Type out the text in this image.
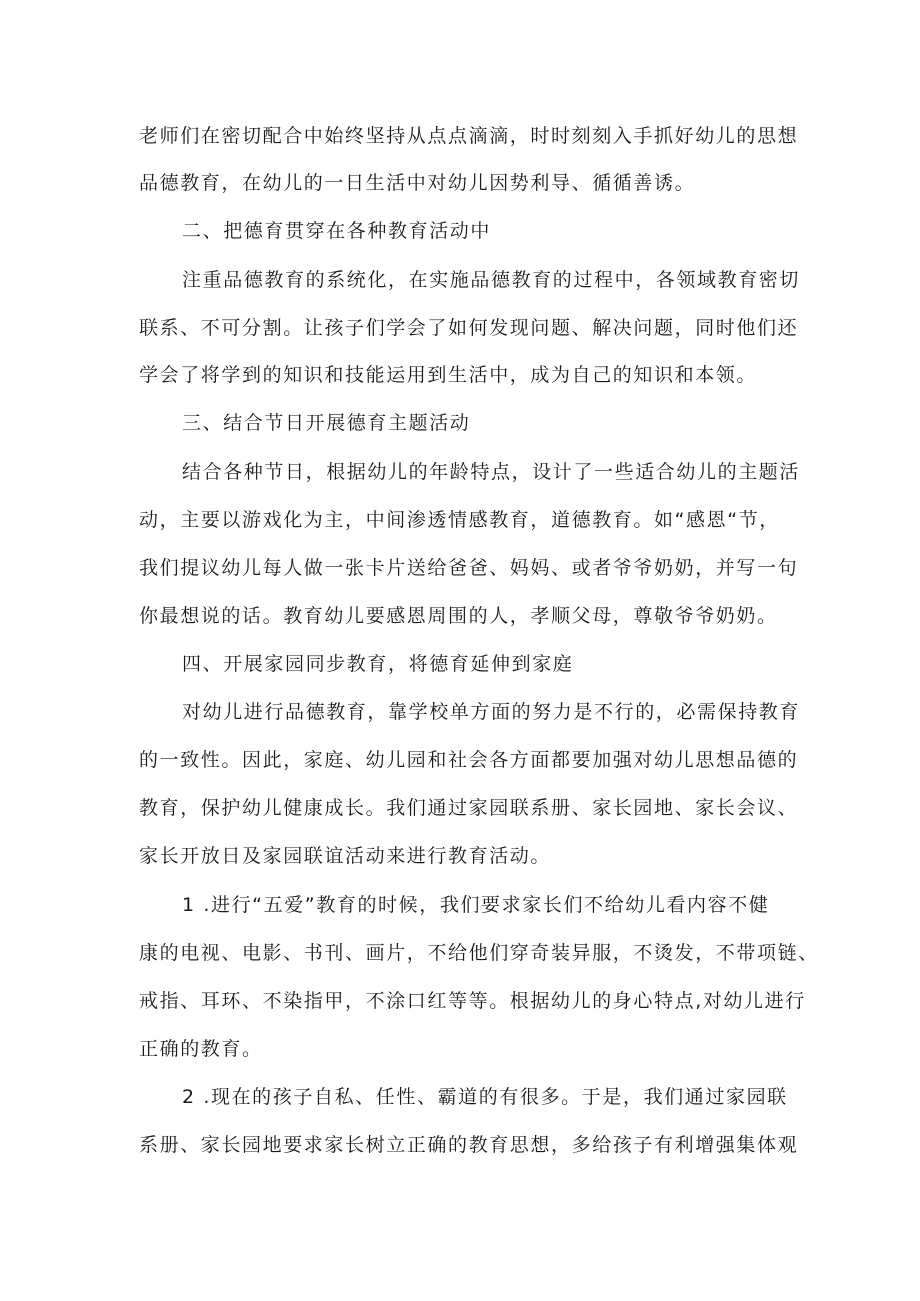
老师们在密切配合中始终坚持从点点滴滴，时时刻刻入手抓好幼儿的思想
品德教育，在幼儿的一日生活中对幼儿因势利导、循循善诱。
二、把德育贯穿在各种教育活动中
注重品德教育的系统化，在实施品德教育的过程中，各领域教育密切
联系、不可分割。让孩子们学会了如何发现问题、解决问题，同时他们还
学会了将学到的知识和技能运用到生活中，成为自己的知识和本领。
三、结合节日开展德育主题活动
结合各种节日，根据幼儿的年龄特点，设计了一些适合幼儿的主题活
动，主要以游戏化为主，中间渗透情感教育，道德教育。如“感恩“节，
我们提议幼儿每人做一张卡片送给爸爸、妈妈、或者爷爷奶奶，并写一句
你最想说的话。教育幼儿要感恩周围的人，孝顺父母，尊敬爷爷奶奶。
四、开展家园同步教育，将德育延伸到家庭
对幼儿进行品德教育，靠学校单方面的努力是不行的，必需保持教育
的一致性。因此，家庭、幼儿园和社会各方面都要加强对幼儿思想品德的
教育，保护幼儿健康成长。我们通过家园联系册、家长园地、家长会议、
家长开放日及家园联谊活动来进行教育活动。
1 .进行“五爱”教育的时候，我们要求家长们不给幼儿看内容不健
康的电视、电影、书刊、画片，不给他们穿奇装异服，不烫发，不带项链、
戒指、耳环、不染指甲，不涂口红等等。根据幼儿的身心特点,对幼儿进行
正确的教育。
2 .现在的孩子自私、任性、霸道的有很多。于是，我们通过家园联
系册、家长园地要求家长树立正确的教育思想，多给孩子有利增强集体观
